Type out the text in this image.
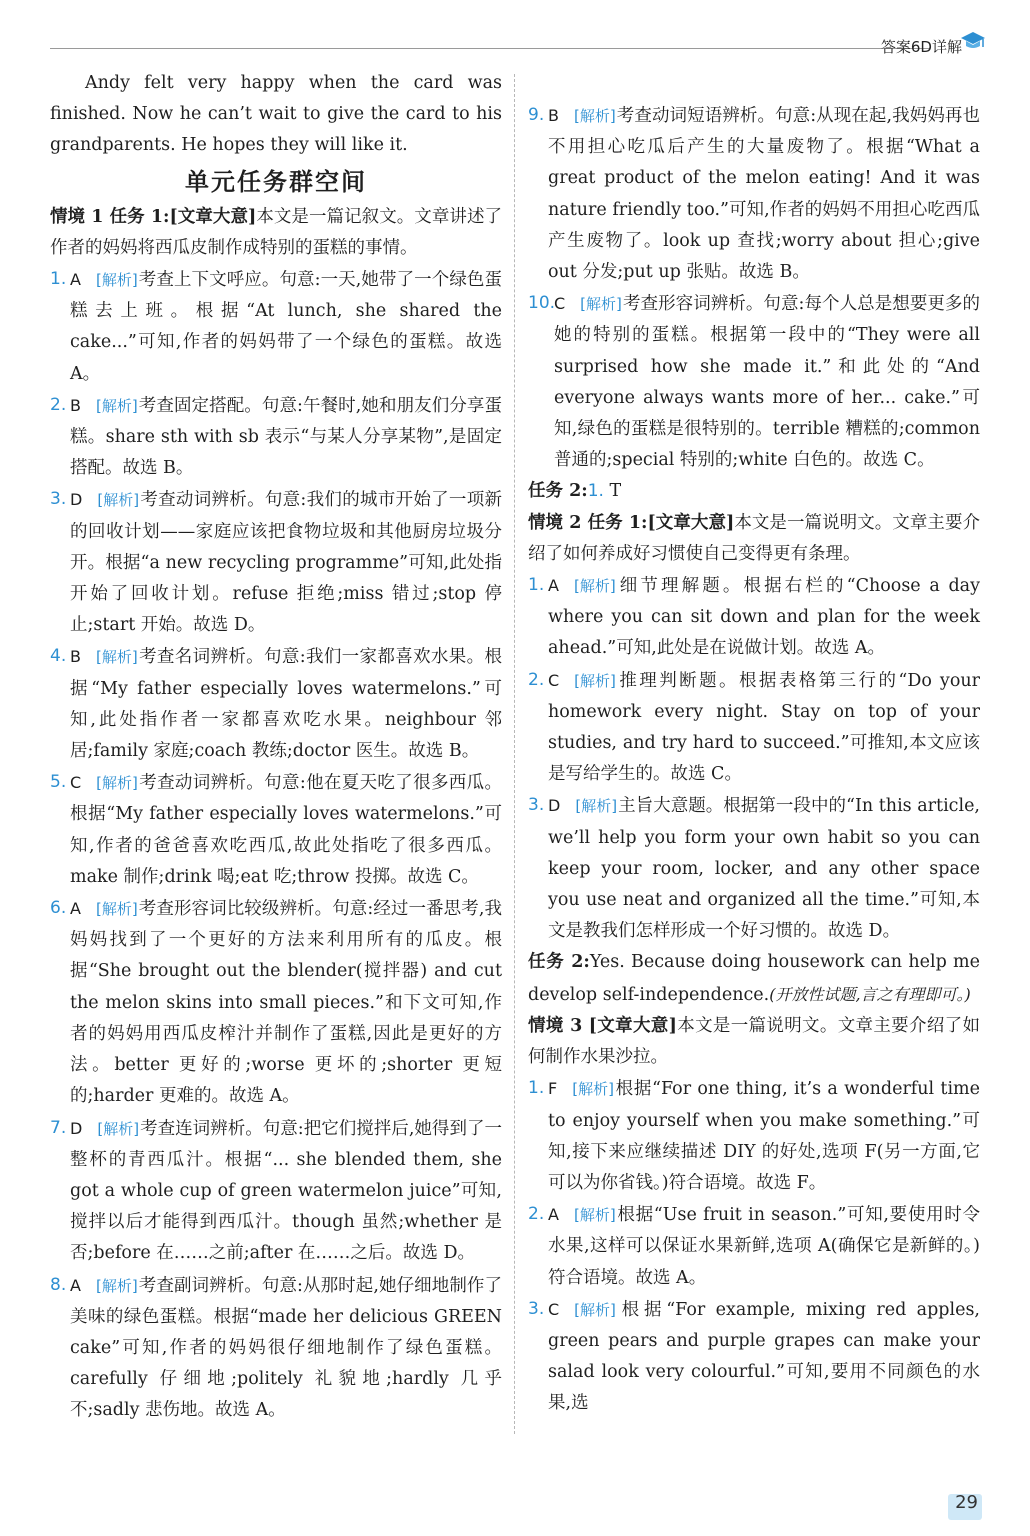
答案6D详解

Andy felt very happy when the card was finished. Now he can’t wait to give the card to his grandparents. He hopes they will like it.

单元任务群空间

情境 1 任务 1:[文章大意]本文是一篇记叙文。文章讲述了作者的妈妈将西瓜皮制作成特别的蛋糕的事情。

1. A [解析]考查上下文呼应。句意:一天,她带了一个绿色蛋糕去上班。根据“At lunch, she shared the cake...”可知,作者的妈妈带了一个绿色的蛋糕。故选 A。
2. B [解析]考查固定搭配。句意:午餐时,她和朋友们分享蛋糕。share sth with sb 表示“与某人分享某物”,是固定搭配。故选 B。
3. D [解析]考查动词辨析。句意:我们的城市开始了一项新的回收计划——家庭应该把食物垃圾和其他厨房垃圾分开。根据“a new recycling programme”可知,此处指开始了回收计划。refuse 拒绝;miss 错过;stop 停止;start 开始。故选 D。
4. B [解析]考查名词辨析。句意:我们一家都喜欢水果。根据“My father especially loves watermelons.”可知,此处指作者一家都喜欢吃水果。neighbour 邻居;family 家庭;coach 教练;doctor 医生。故选 B。
5. C [解析]考查动词辨析。句意:他在夏天吃了很多西瓜。根据“My father especially loves watermelons.”可知,作者的爸爸喜欢吃西瓜,故此处指吃了很多西瓜。make 制作;drink 喝;eat 吃;throw 投掷。故选 C。
6. A [解析]考查形容词比较级辨析。句意:经过一番思考,我妈妈找到了一个更好的方法来利用所有的瓜皮。根据“She brought out the blender(搅拌器) and cut the melon skins into small pieces.”和下文可知,作者的妈妈用西瓜皮榨汁并制作了蛋糕,因此是更好的方法。better 更好的;worse 更坏的;shorter 更短的;harder 更难的。故选 A。
7. D [解析]考查连词辨析。句意:把它们搅拌后,她得到了一整杯的青西瓜汁。根据“... she blended them, she got a whole cup of green watermelon juice”可知,搅拌以后才能得到西瓜汁。though 虽然;whether 是否;before 在……之前;after 在……之后。故选 D。
8. A [解析]考查副词辨析。句意:从那时起,她仔细地制作了美味的绿色蛋糕。根据“made her delicious GREEN cake”可知,作者的妈妈很仔细地制作了绿色蛋糕。carefully 仔细地;politely 礼貌地;hardly 几乎不;sadly 悲伤地。故选 A。
9. B [解析]考查动词短语辨析。句意:从现在起,我妈妈再也不用担心吃瓜后产生的大量废物了。根据“What a great product of the melon eating! And it was nature friendly too.”可知,作者的妈妈不用担心吃西瓜产生废物了。look up 查找;worry about 担心;give out 分发;put up 张贴。故选 B。
10.
C [解析]考查形容词辨析。句意:每个人总是想要更多的她的特别的蛋糕。根据第一段中的“They were all surprised how she made it.”和此处的“And everyone always wants more of her... cake.”可知,绿色的蛋糕是很特别的。terrible 糟糕的;common 普通的;special 特别的;white 白色的。故选 C。

任务 2:1. T

情境 2 任务 1:[文章大意]本文是一篇说明文。文章主要介绍了如何养成好习惯使自己变得更有条理。

1. A [解析]细节理解题。根据右栏的“Choose a day where you can sit down and plan for the week ahead.”可知,此处是在说做计划。故选 A。
2. C [解析]推理判断题。根据表格第三行的“Do your homework every night. Stay on top of your studies, and try hard to succeed.”可推知,本文应该是写给学生的。故选 C。
3. D [解析]主旨大意题。根据第一段中的“In this article, we’ll help you form your own habit so you can keep your room, locker, and any other space you use neat and organized all the time.”可知,本文是教我们怎样形成一个好习惯的。故选 D。

任务 2:Yes. Because doing housework can help me develop self-independence.(开放性试题,言之有理即可。)

情境 3 [文章大意]本文是一篇说明文。文章主要介绍了如何制作水果沙拉。

1. F [解析]根据“For one thing, it’s a wonderful time to enjoy yourself when you make something.”可知,接下来应继续描述 DIY 的好处,选项 F(另一方面,它可以为你省钱。)符合语境。故选 F。
2. A [解析]根据“Use fruit in season.”可知,要使用时令水果,这样可以保证水果新鲜,选项 A(确保它是新鲜的。)符合语境。故选 A。
3. C [解析]根据“For example, mixing red apples, green pears and purple grapes can make your salad look very colourful.”可知,要用不同颜色的水果,选

29
